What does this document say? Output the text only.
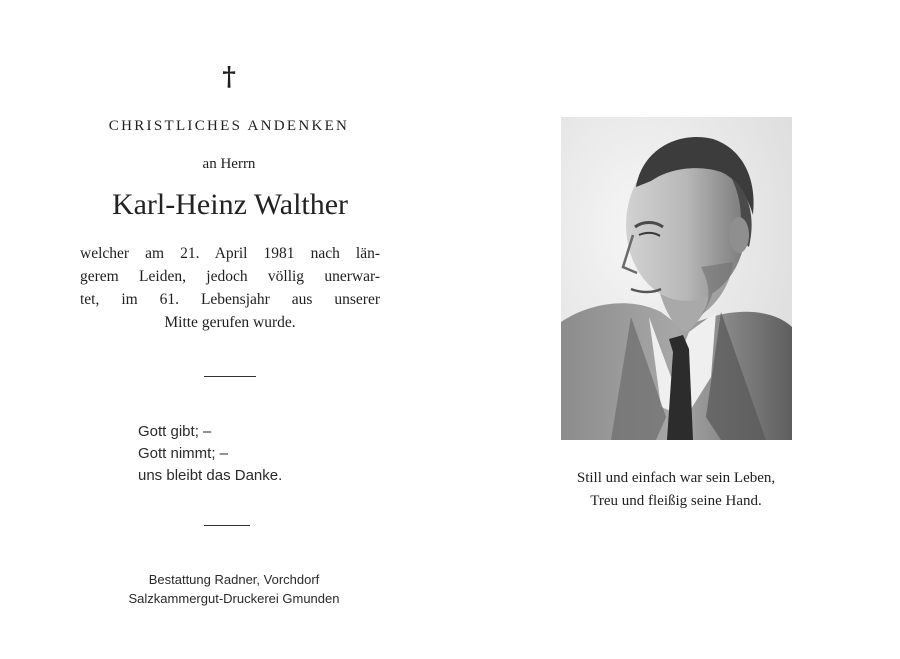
†
CHRISTLICHES ANDENKEN
an Herrn
Karl-Heinz Walther
welcher am 21. April 1981 nach län-
gerem Leiden, jedoch völlig unerwar-
tet, im 61. Lebensjahr aus unserer
Mitte gerufen wurde.
Gott gibt; –
Gott nimmt; –
uns bleibt das Danke.
Bestattung Radner, Vorchdorf
Salzkammergut-Druckerei Gmunden
Still und einfach war sein Leben,
Treu und fleißig seine Hand.
